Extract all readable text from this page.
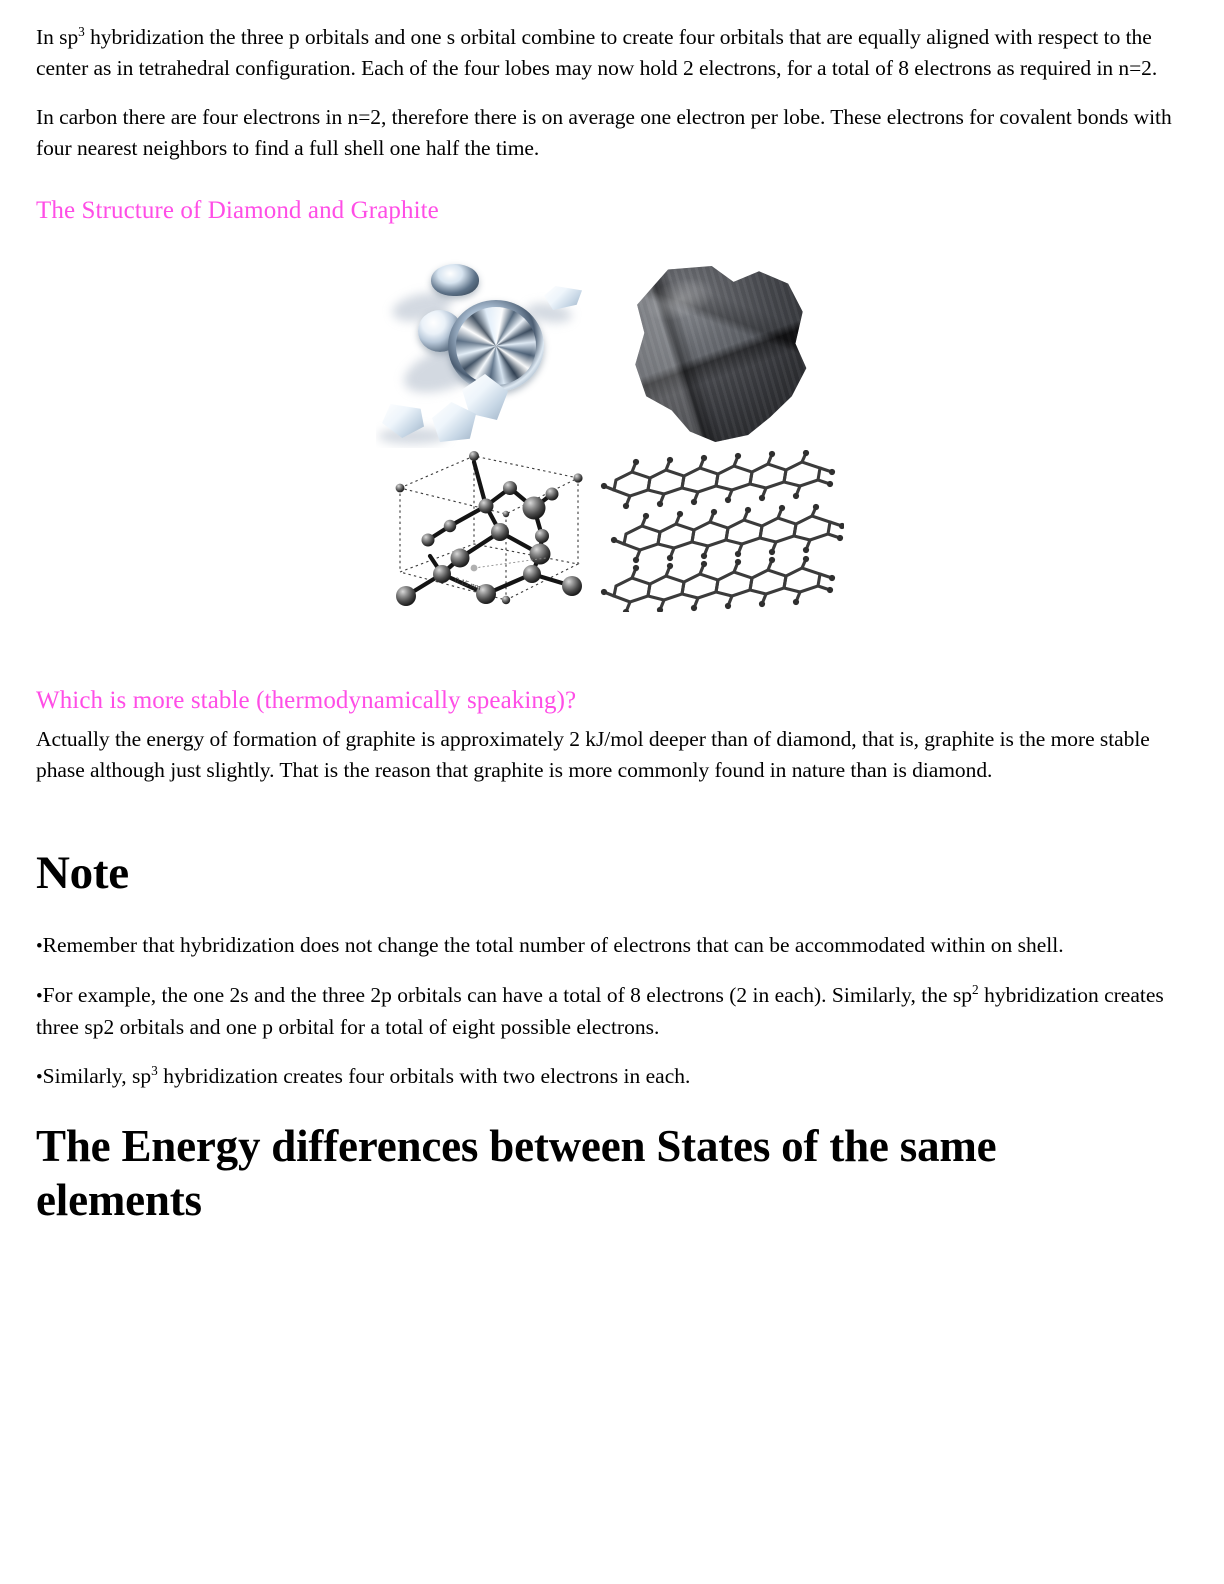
In $sp^3$ hybridization the three p orbitals and one s orbital combine to create four orbitals that are equally aligned with respect to the center as in tetrahedral configuration. Each of the four lobes may now hold 2 electrons, for a total of 8 electrons as required in n=2.

In carbon there are four electrons in n=2, therefore there is on average one electron per lobe. These electrons for covalent bonds with four nearest neighbors to find a full shell one half the time.

The Structure of Diamond and Graphite
0.15 nm
Which is more stable (thermodynamically speaking)?

Actually the energy of formation of graphite is approximately 2 kJ/mol deeper than of diamond, that is, graphite is the more stable phase although just slightly. That is the reason that graphite is more commonly found in nature than is diamond.

Note

•Remember that hybridization does not change the total number of electrons that can be accommodated within on shell.

•For example, the one 2s and the three 2p orbitals can have a total of 8 electrons (2 in each). Similarly, the $sp^2$ hybridization creates three sp2 orbitals and one p orbital for a total of eight possible electrons.

•Similarly, $sp^3$ hybridization creates four orbitals with two electrons in each.

The Energy differences between States of the same elements
